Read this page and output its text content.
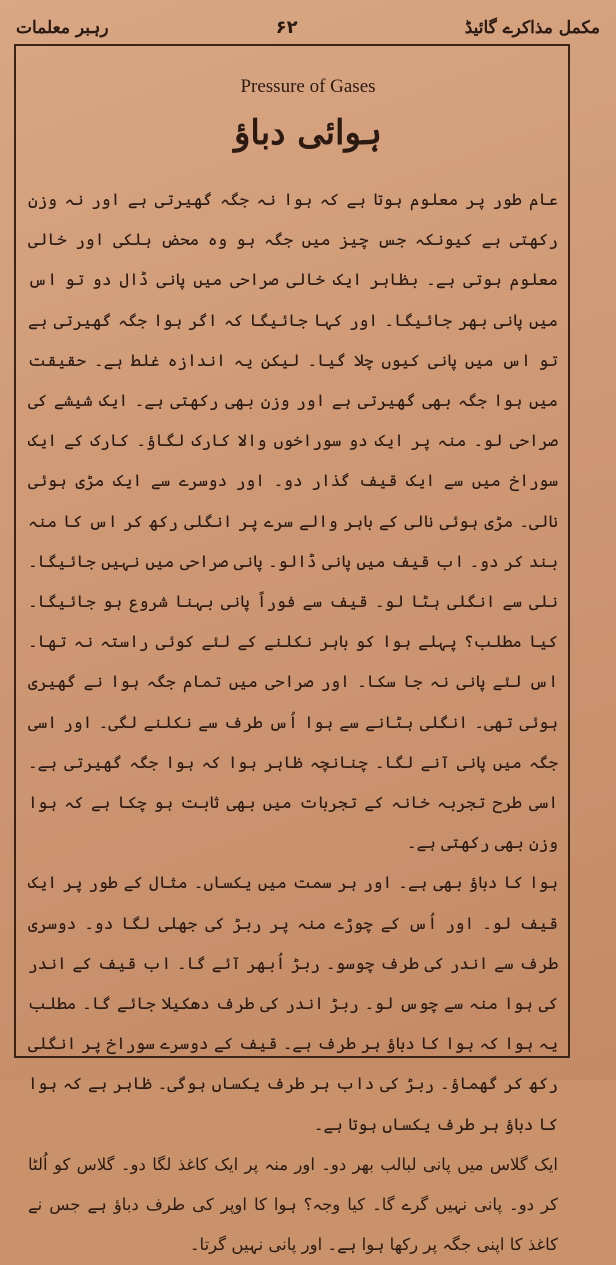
مکمل مذاکرے گائیڈ
۶۲
رہبر معلمات
Pressure of Gases
ہوائی دباؤ

عام طور پر معلوم ہوتا ہے کہ ہوا نہ جگہ گھیرتی ہے اور نہ وزن رکھتی ہے کیونکہ جس چیز میں جگہ ہو وہ محض ہلکی اور خالی معلوم ہوتی ہے۔ بظاہر ایک خالی صراحی میں پانی ڈال دو تو اس میں پانی بھر جائیگا۔ اور کہا جائیگا کہ اگر ہوا جگہ گھیرتی ہے تو اس میں پانی کیوں چلا گیا۔ لیکن یہ اندازہ غلط ہے۔ حقیقت میں ہوا جگہ بھی گھیرتی ہے اور وزن بھی رکھتی ہے۔ ایک شیشے کی صراحی لو۔ منہ پر ایک دو سوراخوں والا کارک لگاؤ۔ کارک کے ایک سوراخ میں سے ایک قیف گذار دو۔ اور دوسرے سے ایک مڑی ہوئی نالی۔ مڑی ہوئی نالی کے باہر والے سرے پر انگلی رکھ کر اس کا منہ بند کر دو۔ اب قیف میں پانی ڈالو۔ پانی صراحی میں نہیں جائیگا۔ نلی سے انگلی ہٹا لو۔ قیف سے فوراً پانی بہنا شروع ہو جائیگا۔ کیا مطلب؟ پہلے ہوا کو باہر نکلنے کے لئے کوئی راستہ نہ تھا۔ اس لئے پانی نہ جا سکا۔ اور صراحی میں تمام جگہ ہوا نے گھیری ہوئی تھی۔ انگلی ہٹانے سے ہوا اُس طرف سے نکلنے لگی۔ اور اسی جگہ میں پانی آنے لگا۔ چنانچہ ظاہر ہوا کہ ہوا جگہ گھیرتی ہے۔ اسی طرح تجربہ خانہ کے تجربات میں بھی ثابت ہو چکا ہے کہ ہوا وزن بھی رکھتی ہے۔

ہوا کا دباؤ بھی ہے۔ اور ہر سمت میں یکساں۔ مثال کے طور پر ایک قیف لو۔ اور اُس کے چوڑے منہ پر ربڑ کی جھلی لگا دو۔ دوسری طرف سے اندر کی طرف چوسو۔ ربڑ اُبھر آئے گا۔ اب قیف کے اندر کی ہوا منہ سے چوس لو۔ ربڑ اندر کی طرف دھکیلا جائے گا۔ مطلب یہ ہوا کہ ہوا کا دباؤ ہر طرف ہے۔ قیف کے دوسرے سوراخ پر انگلی رکھ کر گھماؤ۔ ربڑ کی داب ہر طرف یکساں ہوگی۔ ظاہر ہے کہ ہوا کا دباؤ ہر طرف یکساں ہوتا ہے۔

ایک گلاس میں پانی لبالب بھر دو۔ اور منہ پر ایک کاغذ لگا دو۔ گلاس کو اُلٹا کر دو۔ پانی نہیں گرے گا۔ کیا وجہ؟ ہوا کا اوپر کی طرف دباؤ ہے جس نے کاغذ کا اپنی جگہ پر رکھا ہوا ہے۔ اور پانی نہیں گرتا۔
